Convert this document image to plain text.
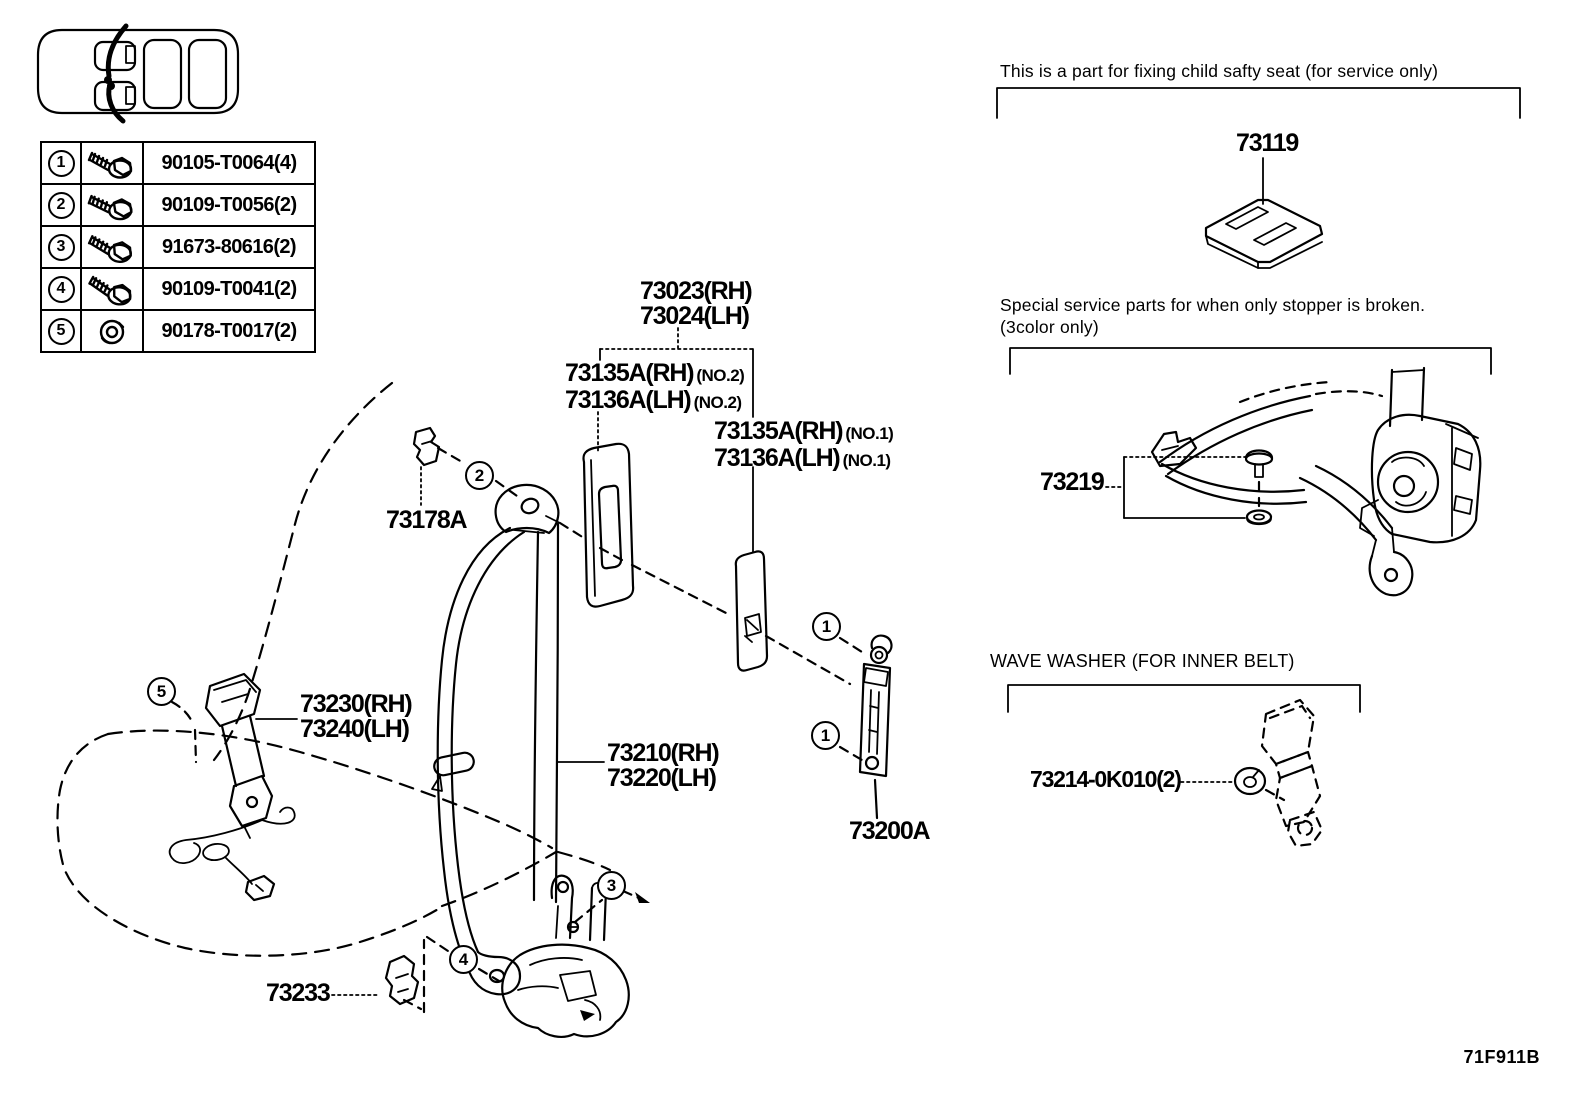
1	90105-T0064(4)
2	90109-T0056(2)
3	91673-80616(2)
4	90109-T0041(2)
5	90178-T0017(2)
This is a part for fixing child safty seat (for service only)
Special service parts for when only stopper is broken.
(3color only)
WAVE WASHER (FOR INNER BELT)
73023(RH)
73024(LH)
73135A(RH) (NO.2)
73136A(LH) (NO.2)
73135A(RH) (NO.1)
73136A(LH) (NO.1)
73178A
73230(RH)
73240(LH)
73210(RH)
73220(LH)
73200A
73233
73119
73219
73214-0K010(2)
2
5
1
1
3
4
71F911B
